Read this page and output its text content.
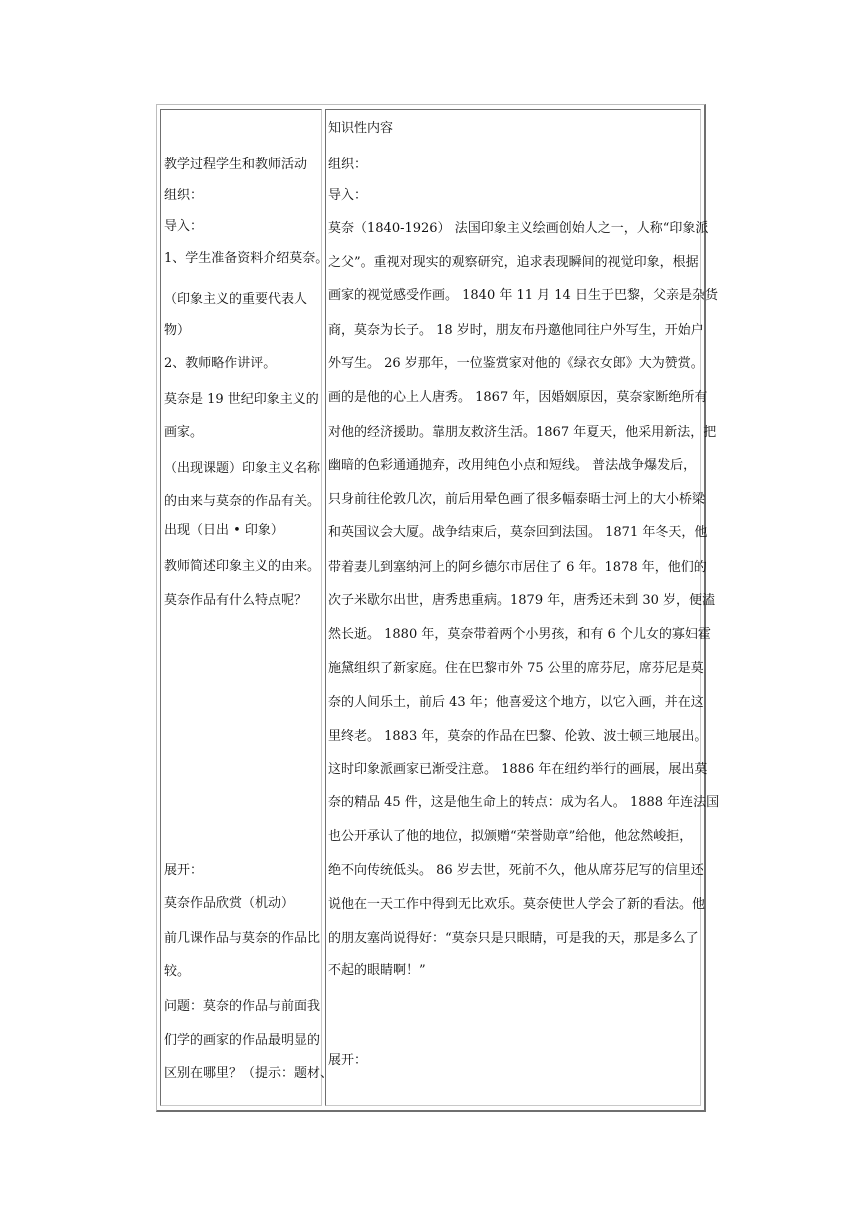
教学过程学生和教师活动
组织：
导入：
1、学生准备资料介绍莫奈。
（印象主义的重要代表人
物）
2、教师略作讲评。
莫奈是 19 世纪印象主义的
画家。
（出现课题）印象主义名称
的由来与莫奈的作品有关。
出现（日出 • 印象）
教师简述印象主义的由来。
莫奈作品有什么特点呢？
展开：
莫奈作品欣赏（机动）
前几课作品与莫奈的作品比
较。
问题：莫奈的作品与前面我
们学的画家的作品最明显的
区别在哪里？（提示：题材、
知识性内容
组织：
导入：
莫奈（1840-1926） 法国印象主义绘画创始人之一，人称“印象派
之父”。重视对现实的观察研究，追求表现瞬间的视觉印象，根据
画家的视觉感受作画。 1840 年 11 月 14 日生于巴黎，父亲是杂货
商，莫奈为长子。 18 岁时，朋友布丹邀他同往户外写生，开始户
外写生。 26 岁那年，一位鉴赏家对他的《绿衣女郎》大为赞赏。
画的是他的心上人唐秀。 1867 年，因婚姻原因，莫奈家断绝所有
对他的经济援助。靠朋友救济生活。1867 年夏天，他采用新法，把
幽暗的色彩通通抛弃，改用纯色小点和短线。 普法战争爆发后，
只身前往伦敦几次，前后用晕色画了很多幅泰晤士河上的大小桥梁
和英国议会大厦。战争结束后，莫奈回到法国。 1871 年冬天，他
带着妻儿到塞纳河上的阿乡德尔市居住了 6 年。1878 年，他们的
次子米歇尔出世，唐秀患重病。1879 年，唐秀还未到 30 岁，便溘
然长逝。 1880 年，莫奈带着两个小男孩，和有 6 个儿女的寡妇霍
施黛组织了新家庭。住在巴黎市外 75 公里的席芬尼，席芬尼是莫
奈的人间乐土，前后 43 年；他喜爱这个地方，以它入画，并在这
里终老。 1883 年，莫奈的作品在巴黎、伦敦、波士顿三地展出。
这时印象派画家已渐受注意。 1886 年在纽约举行的画展，展出莫
奈的精品 45 件，这是他生命上的转点：成为名人。 1888 年连法国
也公开承认了他的地位，拟颁赠“荣誉勋章”给他，他忿然峻拒，
绝不向传统低头。 86 岁去世，死前不久，他从席芬尼写的信里还
说他在一天工作中得到无比欢乐。莫奈使世人学会了新的看法。他
的朋友塞尚说得好：“莫奈只是只眼睛，可是我的天，那是多么了
不起的眼睛啊！”
展开：
